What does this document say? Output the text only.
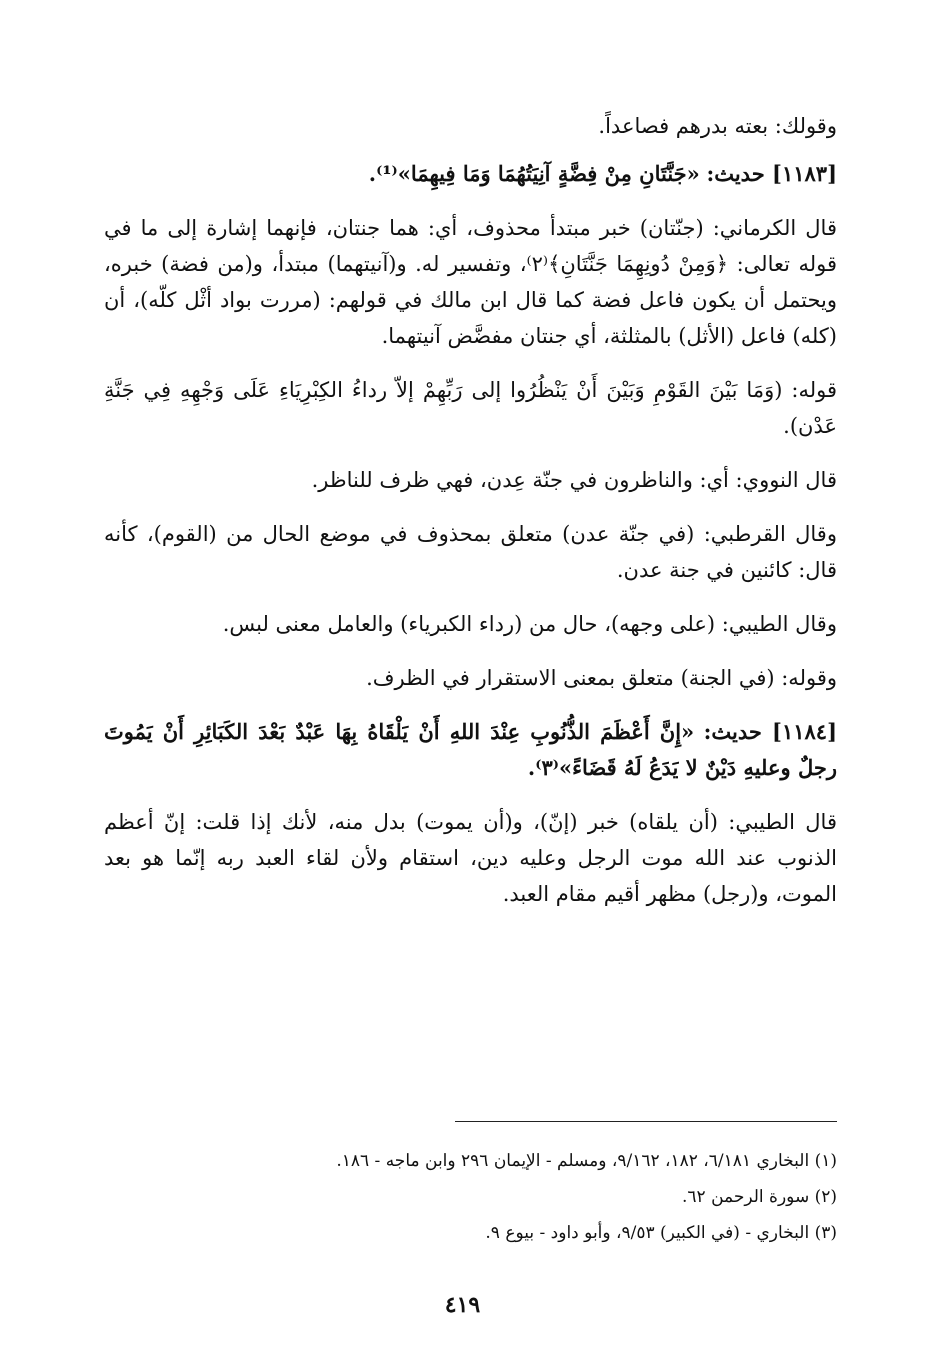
وقولك: بعته بدرهم فصاعداً.

[١١٨٣] حديث: «جَنَّتَانِ مِنْ فِضَّةٍ آنِيَتُهُمَا وَمَا فِيهِمَا»⁽¹⁾.

قال الكرماني: (جنّتان) خبر مبتدأ محذوف، أي: هما جنتان، فإنهما إشارة إلى ما في قوله تعالى: ﴿وَمِنْ دُونِهِمَا جَنَّتَانِ﴾⁽٢⁾، وتفسير له. و(آنيتهما) مبتدأ، و(من فضة) خبره، ويحتمل أن يكون فاعل فضة كما قال ابن مالك في قولهم: (مررت بواد أثْل كلّه)، أن (كله) فاعل (الأثل) بالمثلثة، أي جنتان مفضَّض آنيتهما.

قوله: (وَمَا بَيْنَ القَوْمِ وَبَيْنَ أَنْ يَنْظُرُوا إلى رَبِّهِمْ إلاّ رداءُ الكِبْرِيَاءِ عَلَى وَجْهِهِ فِي جَنَّةِ عَدْن).

قال النووي: أي: والناظرون في جنّة عِدن، فهي ظرف للناظر.

وقال القرطبي: (في جنّة عدن) متعلق بمحذوف في موضع الحال من (القوم)، كأنه قال: كائنين في جنة عدن.

وقال الطيبي: (على وجهه)، حال من (رداء الكبرياء) والعامل معنى لبس.

وقوله: (في الجنة) متعلق بمعنى الاستقرار في الظرف.

[١١٨٤] حديث: «إِنَّ أَعْظَمَ الذُّنُوبِ عِنْدَ اللهِ أَنْ يَلْقَاهُ بِهَا عَبْدٌ بَعْدَ الكَبَائِرِ أَنْ يَمُوتَ رجلٌ وعليهِ دَيْنٌ لا يَدَعُ لَهُ قَضَاءً»⁽٣⁾.

قال الطيبي: (أن يلقاه) خبر (إنّ)، و(أن يموت) بدل منه، لأنك إذا قلت: إنّ أعظم الذنوب عند الله موت الرجل وعليه دين، استقام ولأن لقاء العبد ربه إنّما هو بعد الموت، و(رجل) مظهر أقيم مقام العبد.

(١) البخاري ٦/١٨١، ١٨٢، ٩/١٦٢، ومسلم - الإيمان ٢٩٦ وابن ماجه - ١٨٦.

(٢) سورة الرحمن ٦٢.

(٣) البخاري - (في الكبير) ٩/٥٣، وأبو داود - بيوع ٩.

٤١٩
